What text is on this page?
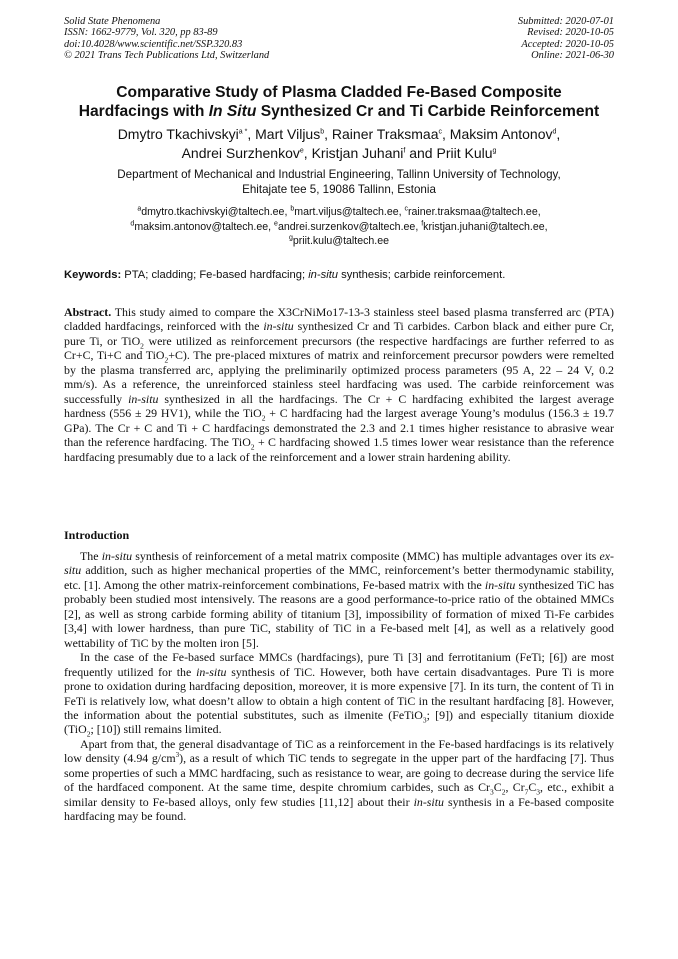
Solid State Phenomena
ISSN: 1662-9779, Vol. 320, pp 83-89
doi:10.4028/www.scientific.net/SSP.320.83
© 2021 Trans Tech Publications Ltd, Switzerland
Submitted: 2020-07-01
Revised: 2020-10-05
Accepted: 2020-10-05
Online: 2021-06-30
Comparative Study of Plasma Cladded Fe-Based Composite
Hardfacings with In Situ Synthesized Cr and Ti Carbide Reinforcement
Dmytro Tkachivskyi$^{a *}$, Mart Viljus$^b$, Rainer Traksmaa$^c$, Maksim Antonov$^d$,
Andrei Surzhenkov$^e$, Kristjan Juhani$^f$ and Priit Kulu$^g$
Department of Mechanical and Industrial Engineering, Tallinn University of Technology,
Ehitajate tee 5, 19086 Tallinn, Estonia
$^a$dmytro.tkachivskyi@taltech.ee, $^b$mart.viljus@taltech.ee, $^c$rainer.traksmaa@taltech.ee,
$^d$maksim.antonov@taltech.ee, $^e$andrei.surzenkov@taltech.ee, $^f$kristjan.juhani@taltech.ee,
$^g$priit.kulu@taltech.ee
Keywords: PTA; cladding; Fe-based hardfacing; in-situ synthesis; carbide reinforcement.

Abstract. This study aimed to compare the X3CrNiMo17-13-3 stainless steel based plasma transferred arc (PTA) cladded hardfacings, reinforced with the in-situ synthesized Cr and Ti carbides. Carbon black and either pure Cr, pure Ti, or TiO$_2$ were utilized as reinforcement precursors (the respective hardfacings are further referred to as Cr+C, Ti+C and TiO$_2$+C). The pre-placed mixtures of matrix and reinforcement precursor powders were remelted by the plasma transferred arc, applying the preliminarily optimized process parameters (95 A, 22 – 24 V, 0.2 mm/s). As a reference, the unreinforced stainless steel hardfacing was used. The carbide reinforcement was successfully in-situ synthesized in all the hardfacings. The Cr + C hardfacing exhibited the largest average hardness (556 ± 29 HV1), while the TiO$_2$ + C hardfacing had the largest average Young’s modulus (156.3 ± 19.7 GPa). The Cr + C and Ti + C hardfacings demonstrated the 2.3 and 2.1 times higher resistance to abrasive wear than the reference hardfacing. The TiO$_2$ + C hardfacing showed 1.5 times lower wear resistance than the reference hardfacing presumably due to a lack of the reinforcement and a lower strain hardening ability.

Introduction

The in-situ synthesis of reinforcement of a metal matrix composite (MMC) has multiple advantages over its ex-situ addition, such as higher mechanical properties of the MMC, reinforcement’s better thermodynamic stability, etc. [1]. Among the other matrix-reinforcement combinations, Fe-based matrix with the in-situ synthesized TiC has probably been studied most intensively. The reasons are a good performance-to-price ratio of the obtained MMCs [2], as well as strong carbide forming ability of titanium [3], impossibility of formation of mixed Ti-Fe carbides [3,4] with lower hardness, than pure TiC, stability of TiC in a Fe-based melt [4], as well as a relatively good wettability of TiC by the molten iron [5].

In the case of the Fe-based surface MMCs (hardfacings), pure Ti [3] and ferrotitanium (FeTi; [6]) are most frequently utilized for the in-situ synthesis of TiC. However, both have certain disadvantages. Pure Ti is more prone to oxidation during hardfacing deposition, moreover, it is more expensive [7]. In its turn, the content of Ti in FeTi is relatively low, what doesn’t allow to obtain a high content of TiC in the resultant hardfacing [8]. However, the information about the potential substitutes, such as ilmenite (FeTiO$_3$; [9]) and especially titanium dioxide (TiO$_2$; [10]) still remains limited.

Apart from that, the general disadvantage of TiC as a reinforcement in the Fe-based hardfacings is its relatively low density (4.94 $g/cm^3$), as a result of which TiC tends to segregate in the upper part of the hardfacing [7]. Thus some properties of such a MMC hardfacing, such as resistance to wear, are going to decrease during the service life of the hardfaced component. At the same time, despite chromium carbides, such as $Cr_3C_2$, $Cr_7C_3$, etc., exhibit a similar density to Fe-based alloys, only few studies [11,12] about their in-situ synthesis in a Fe-based composite hardfacing may be found.
